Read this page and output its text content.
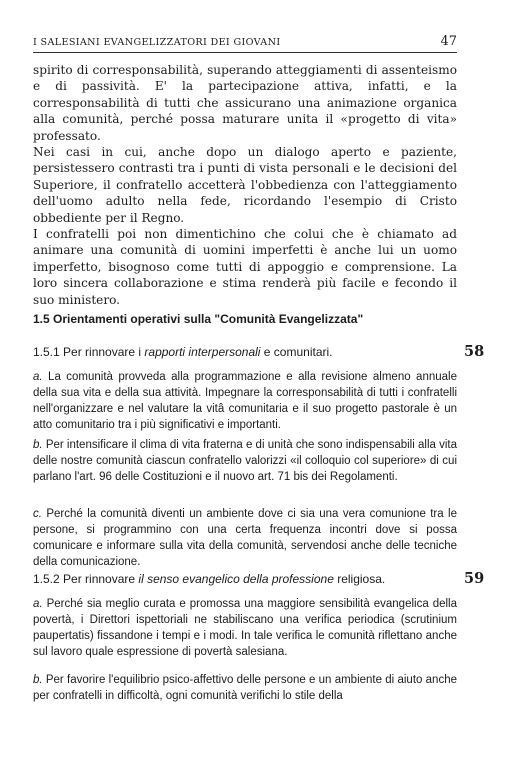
I SALESIANI EVANGELIZZATORI DEI GIOVANI	47

spirito di corresponsabilità, superando atteggiamenti di assenteismo e di passività. E' la partecipazione attiva, infatti, e la corresponsabilità di tutti che assicurano una animazione organica alla comunità, perché possa maturare unita il «progetto di vita» professato.

Nei casi in cui, anche dopo un dialogo aperto e paziente, persistessero contrasti tra i punti di vista personali e le decisioni del Superiore, il confratello accetterà l'obbedienza con l'atteggiamento dell'uomo adulto nella fede, ricordando l'esempio di Cristo obbediente per il Regno.

I confratelli poi non dimentichino che colui che è chiamato ad animare una comunità di uomini imperfetti è anche lui un uomo imperfetto, bisognoso come tutti di appoggio e comprensione. La loro sincera collaborazione e stima renderà più facile e fecondo il suo ministero.

1.5 Orientamenti operativi sulla "Comunità Evangelizzata"
1.5.1 Per rinnovare i rapporti interpersonali e comunitari.	58
a. La comunità provveda alla programmazione e alla revisione almeno annuale della sua vita e della sua attività. Impegnare la corresponsabilità di tutti i confratelli nell'organizzare e nel valutare la vitâ comunitaria e il suo progetto pastorale è un atto comunitario tra i più significativi e importanti.
b. Per intensificare il clima di vita fraterna e di unità che sono indispensabili alla vita delle nostre comunità ciascun confratello valorizzi «il colloquio col superiore» di cui parlano l'art. 96 delle Costituzioni e il nuovo art. 71 bis dei Regolamenti.
c. Perché la comunità diventi un ambiente dove ci sia una vera comunione tra le persone, si programmino con una certa frequenza incontri dove si possa comunicare e informare sulla vita della comunità, servendosi anche delle tecniche della comunicazione.
1.5.2 Per rinnovare il senso evangelico della professione religiosa.	59
a. Perché sia meglio curata e promossa una maggiore sensibilità evangelica della povertà, i Direttori ispettoriali ne stabiliscano una verifica periodica (scrutinium paupertatis) fissandone i tempi e i modi. In tale verifica le comunità riflettano anche sul lavoro quale espressione di povertà salesiana.
b. Per favorire l'equilibrio psico-affettivo delle persone e un ambiente di aiuto anche per confratelli in difficoltà, ogni comunità verifichi lo stile della
